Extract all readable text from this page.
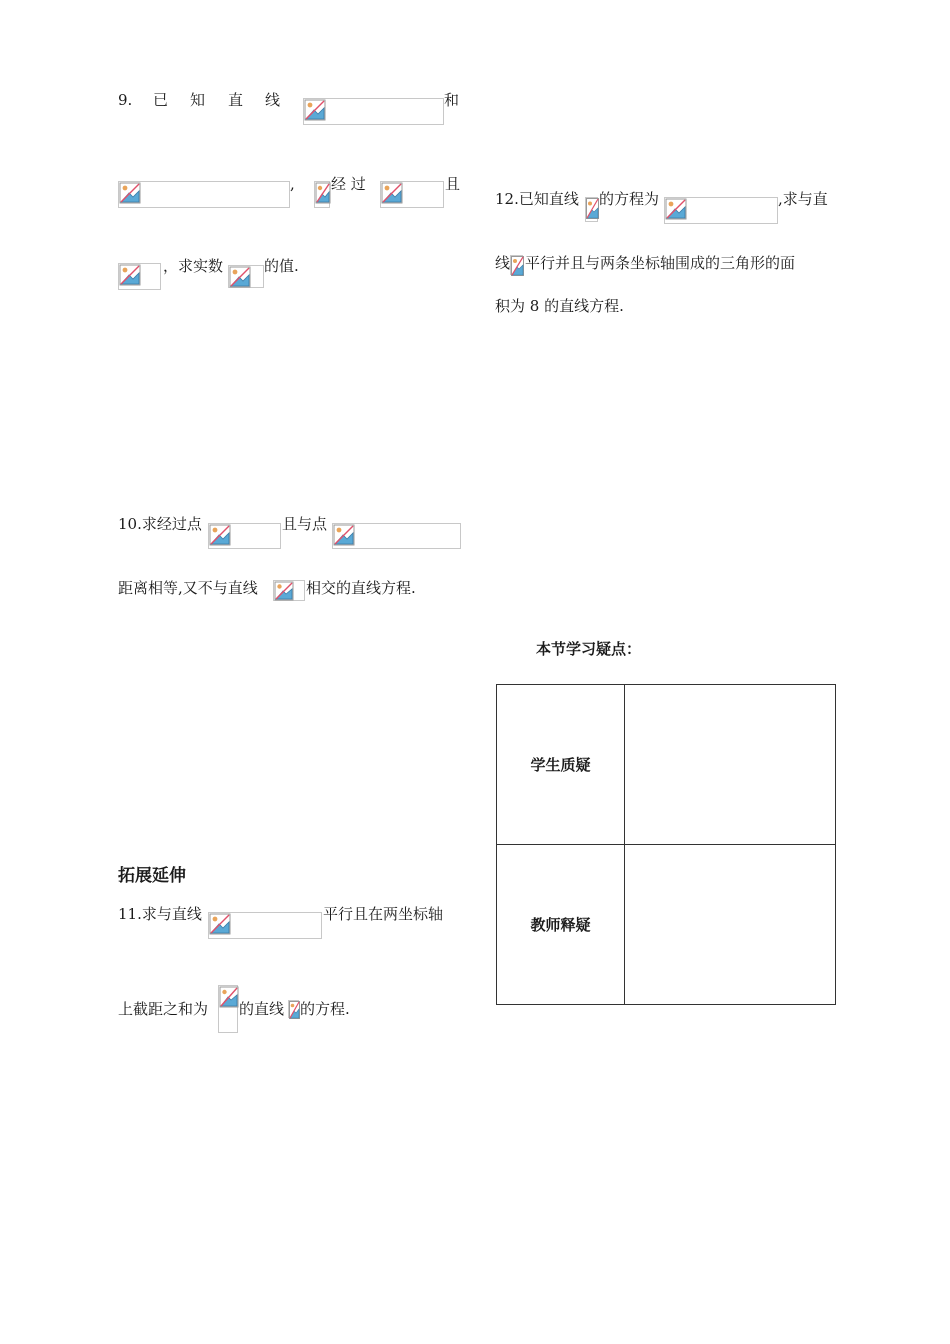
9. 已 知 直 线	和
, 经 过	且
，求实数	的值.
10.求经过点	且与点
距离相等,又不与直线	相交的直线方程.
拓展延伸
11.求与直线	平行且在两坐标轴
上截距之和为 的直线 的方程.
12.已知直线 的方程为	,求与直
线 平行并且与两条坐标轴围成的三角形的面
积为 8 的直线方程.
本节学习疑点：
学生质疑	
教师释疑	
